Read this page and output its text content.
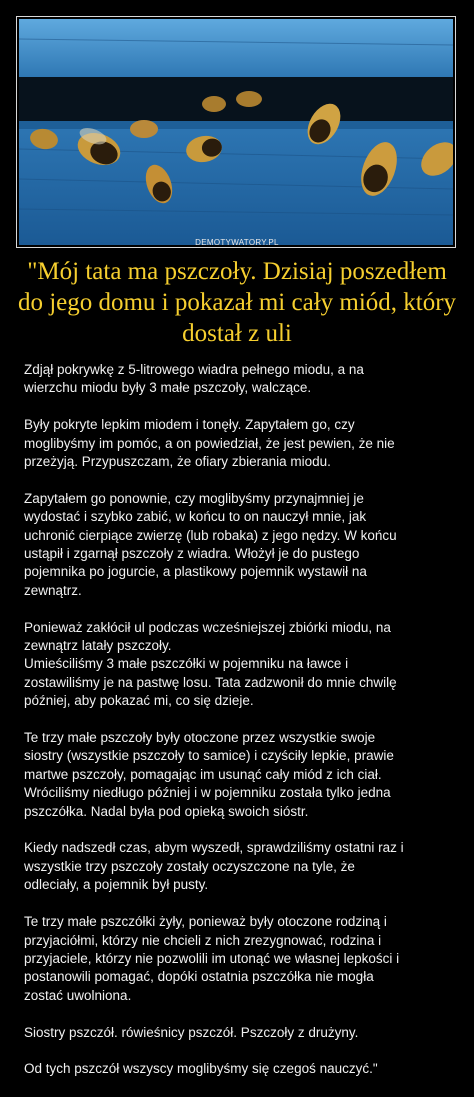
DEMOTYWATORY.PL
"Mój tata ma pszczoły. Dzisiaj poszedłem do jego domu i pokazał mi cały miód, który dostał z uli

Zdjął pokrywkę z 5-litrowego wiadra pełnego miodu, a na
wierzchu miodu były 3 małe pszczoły, walczące.

Były pokryte lepkim miodem i tonęły. Zapytałem go, czy
moglibyśmy im pomóc, a on powiedział, że jest pewien, że nie
przeżyją. Przypuszczam, że ofiary zbierania miodu.

Zapytałem go ponownie, czy moglibyśmy przynajmniej je
wydostać i szybko zabić, w końcu to on nauczył mnie, jak
uchronić cierpiące zwierzę (lub robaka) z jego nędzy. W końcu
ustąpił i zgarnął pszczoły z wiadra. Włożył je do pustego
pojemnika po jogurcie, a plastikowy pojemnik wystawił na
zewnątrz.

Ponieważ zakłócił ul podczas wcześniejszej zbiórki miodu, na
zewnątrz latały pszczoły.
Umieściliśmy 3 małe pszczółki w pojemniku na ławce i
zostawiliśmy je na pastwę losu. Tata zadzwonił do mnie chwilę
później, aby pokazać mi, co się dzieje.

Te trzy małe pszczoły były otoczone przez wszystkie swoje
siostry (wszystkie pszczoły to samice) i czyściły lepkie, prawie
martwe pszczoły, pomagając im usunąć cały miód z ich ciał.
Wróciliśmy niedługo później i w pojemniku została tylko jedna
pszczółka. Nadal była pod opieką swoich sióstr.

Kiedy nadszedł czas, abym wyszedł, sprawdziliśmy ostatni raz i
wszystkie trzy pszczoły zostały oczyszczone na tyle, że
odleciały, a pojemnik był pusty.

Te trzy małe pszczółki żyły, ponieważ były otoczone rodziną i
przyjaciółmi, którzy nie chcieli z nich zrezygnować, rodzina i
przyjaciele, którzy nie pozwolili im utonąć we własnej lepkości i
postanowili pomagać, dopóki ostatnia pszczółka nie mogła
zostać uwolniona.

Siostry pszczół. rówieśnicy pszczół. Pszczoły z drużyny.

Od tych pszczół wszyscy moglibyśmy się czegoś nauczyć."
